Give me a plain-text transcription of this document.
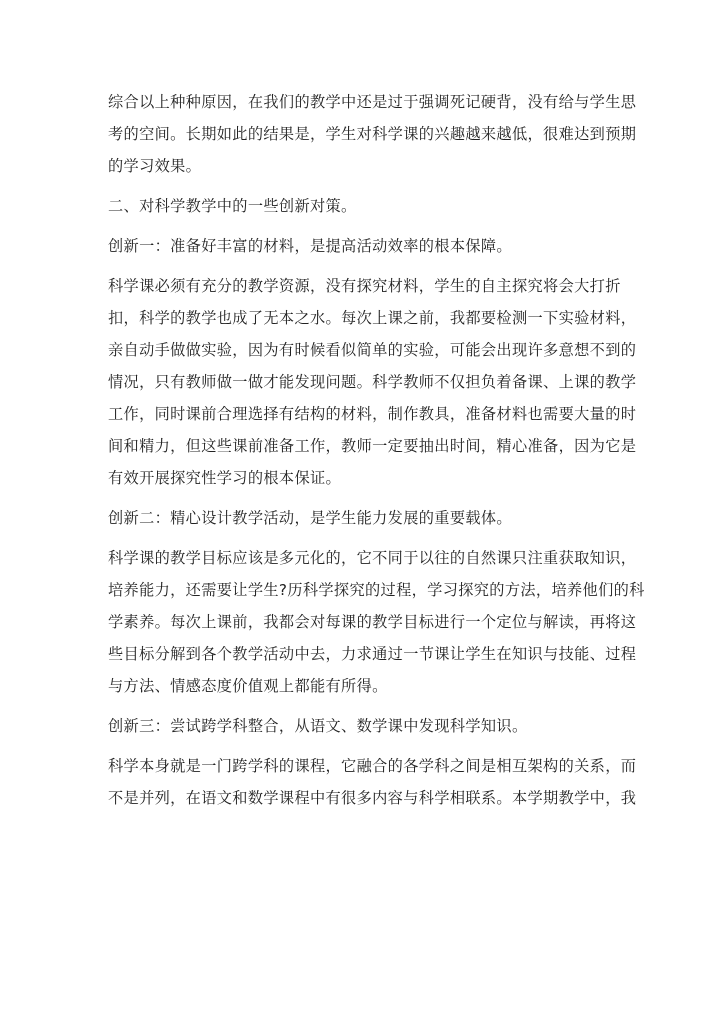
综合以上种种原因，在我们的教学中还是过于强调死记硬背，没有给与学生思
考的空间。长期如此的结果是，学生对科学课的兴趣越来越低，很难达到预期
的学习效果。
二、对科学教学中的一些创新对策。
创新一：准备好丰富的材料，是提高活动效率的根本保障。
科学课必须有充分的教学资源，没有探究材料，学生的自主探究将会大打折
扣，科学的教学也成了无本之水。每次上课之前，我都要检测一下实验材料，
亲自动手做做实验，因为有时候看似简单的实验，可能会出现许多意想不到的
情况，只有教师做一做才能发现问题。科学教师不仅担负着备课、上课的教学
工作，同时课前合理选择有结构的材料，制作教具，准备材料也需要大量的时
间和精力，但这些课前准备工作，教师一定要抽出时间，精心准备，因为它是
有效开展探究性学习的根本保证。
创新二：精心设计教学活动，是学生能力发展的重要载体。
科学课的教学目标应该是多元化的，它不同于以往的自然课只注重获取知识，
培养能力，还需要让学生?历科学探究的过程，学习探究的方法，培养他们的科
学素养。每次上课前，我都会对每课的教学目标进行一个定位与解读，再将这
些目标分解到各个教学活动中去，力求通过一节课让学生在知识与技能、过程
与方法、情感态度价值观上都能有所得。
创新三：尝试跨学科整合，从语文、数学课中发现科学知识。
科学本身就是一门跨学科的课程，它融合的各学科之间是相互架构的关系，而
不是并列，在语文和数学课程中有很多内容与科学相联系。本学期教学中，我
